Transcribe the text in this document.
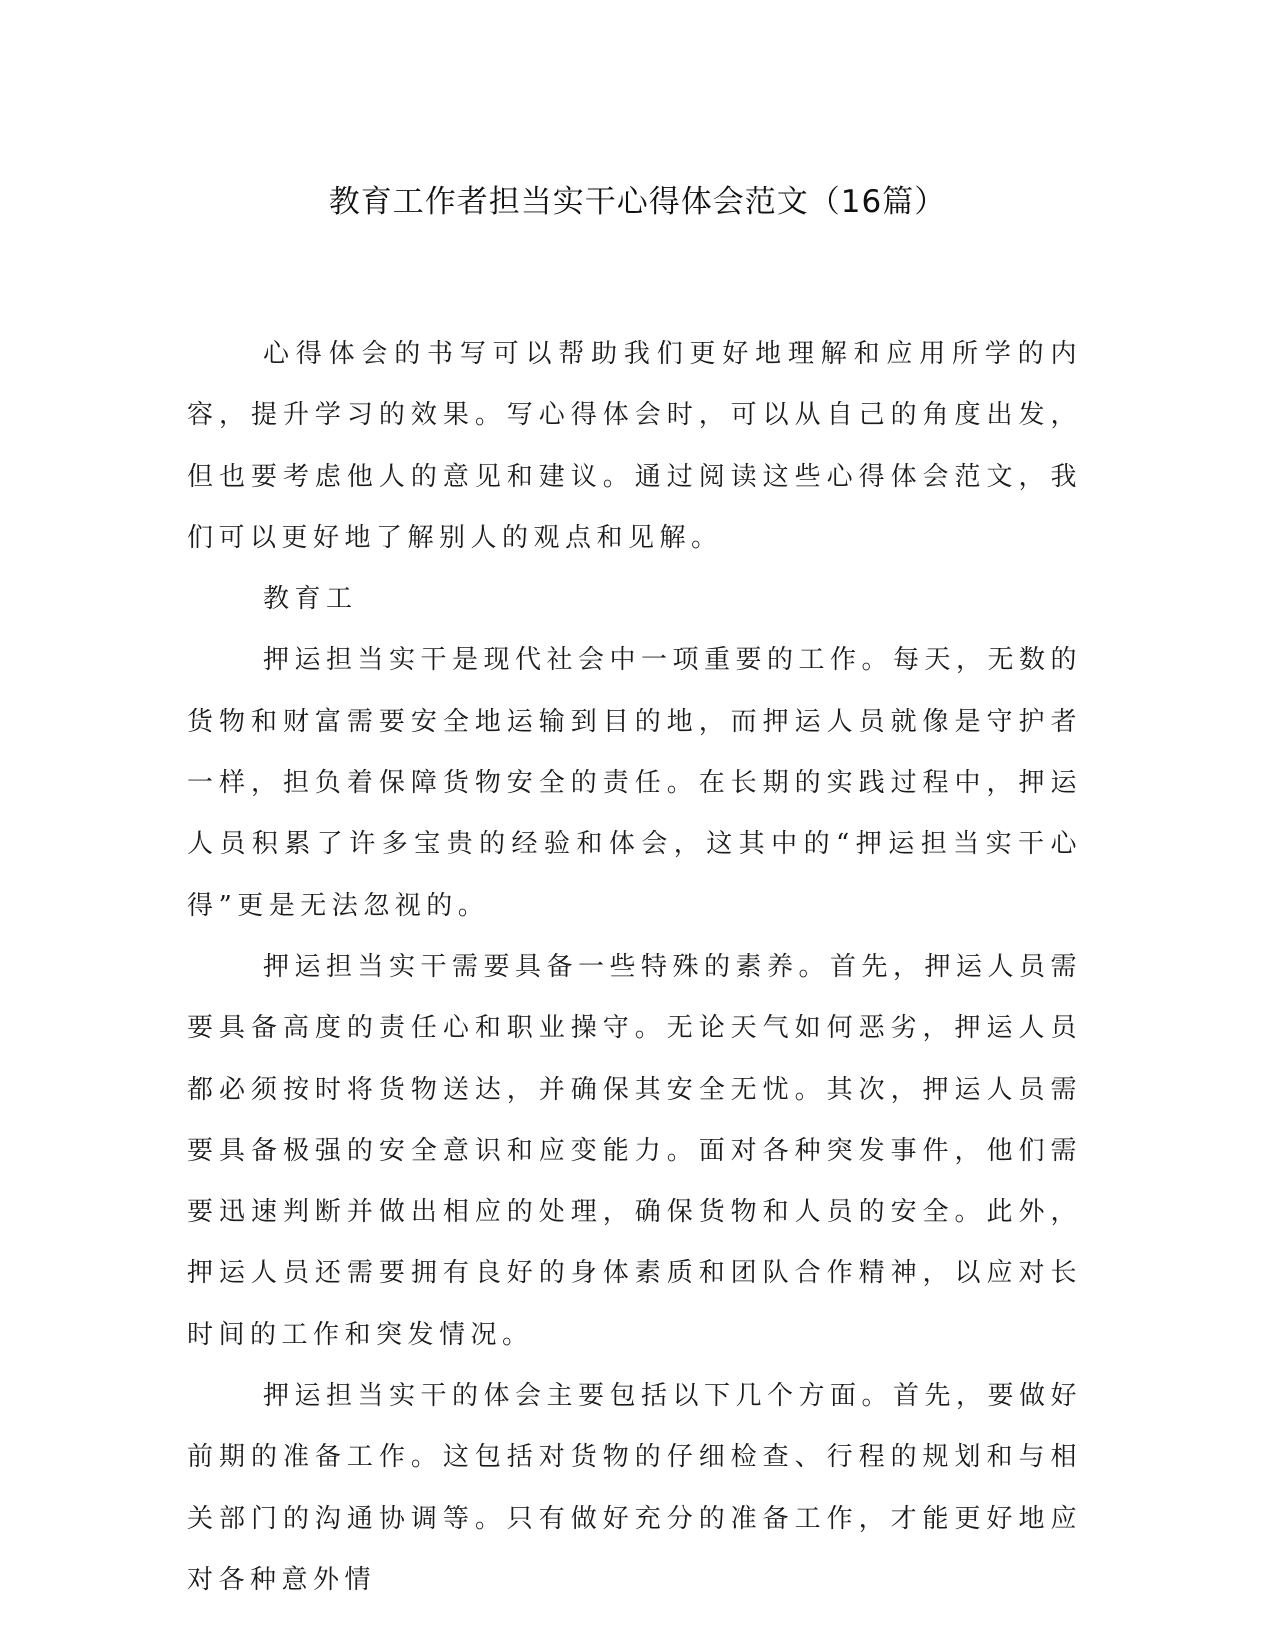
教育工作者担当实干心得体会范文（16篇）

心得体会的书写可以帮助我们更好地理解和应用所学的内容，提升学习的效果。写心得体会时，可以从自己的角度出发，但也要考虑他人的意见和建议。通过阅读这些心得体会范文，我们可以更好地了解别人的观点和见解。

教育工

押运担当实干是现代社会中一项重要的工作。每天，无数的货物和财富需要安全地运输到目的地，而押运人员就像是守护者一样，担负着保障货物安全的责任。在长期的实践过程中，押运人员积累了许多宝贵的经验和体会，这其中的“押运担当实干心得”更是无法忽视的。

押运担当实干需要具备一些特殊的素养。首先，押运人员需要具备高度的责任心和职业操守。无论天气如何恶劣，押运人员都必须按时将货物送达，并确保其安全无忧。其次，押运人员需要具备极强的安全意识和应变能力。面对各种突发事件，他们需要迅速判断并做出相应的处理，确保货物和人员的安全。此外，押运人员还需要拥有良好的身体素质和团队合作精神，以应对长时间的工作和突发情况。

押运担当实干的体会主要包括以下几个方面。首先，要做好前期的准备工作。这包括对货物的仔细检查、行程的规划和与相关部门的沟通协调等。只有做好充分的准备工作，才能更好地应对各种意外情
